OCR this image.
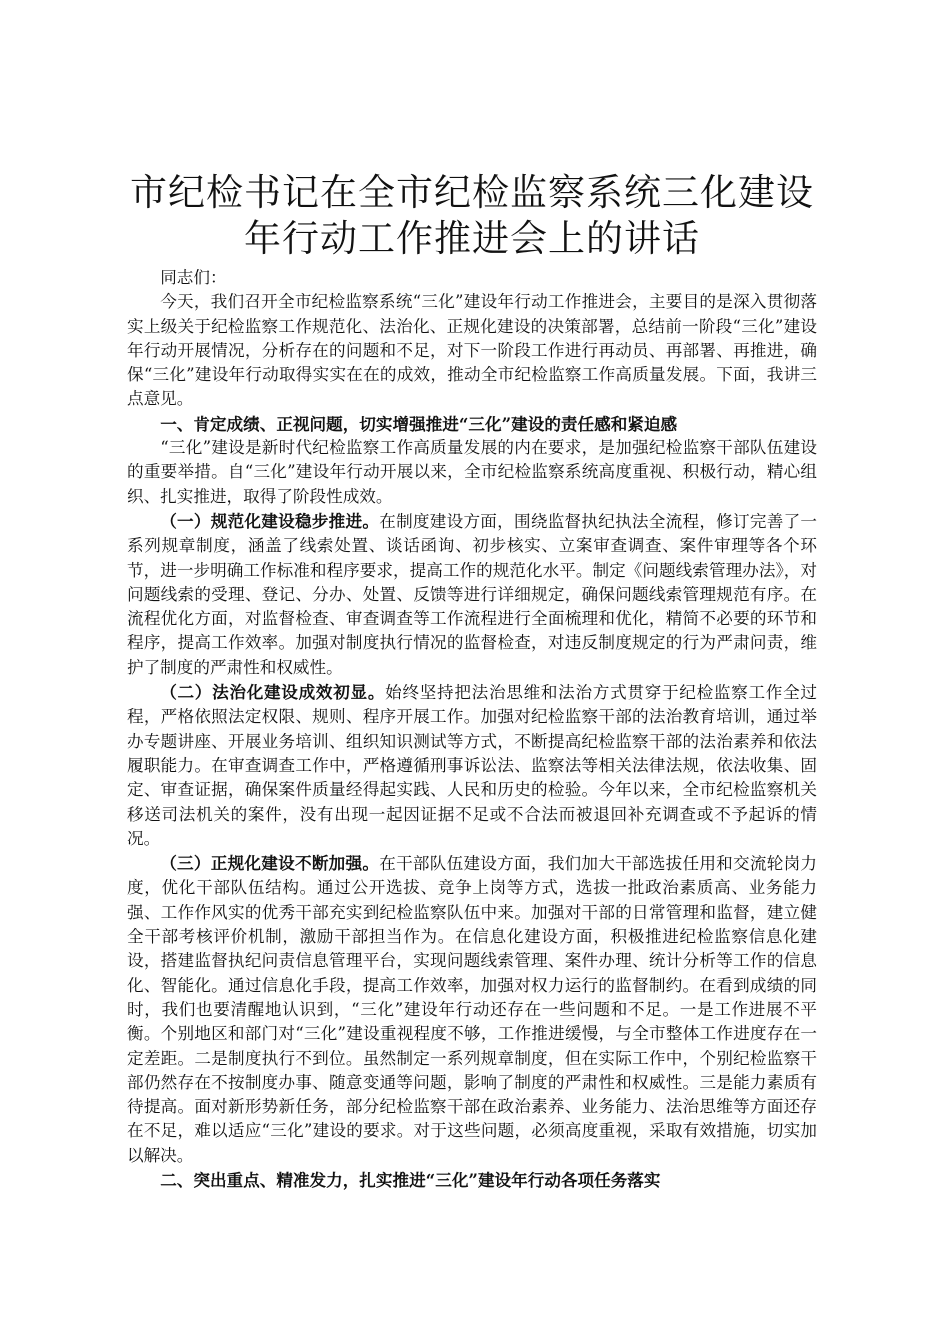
市纪检书记在全市纪检监察系统三化建设年行动工作推进会上的讲话

同志们：

今天，我们召开全市纪检监察系统“三化”建设年行动工作推进会，主要目的是深入贯彻落实上级关于纪检监察工作规范化、法治化、正规化建设的决策部署，总结前一阶段“三化”建设年行动开展情况，分析存在的问题和不足，对下一阶段工作进行再动员、再部署、再推进，确保“三化”建设年行动取得实实在在的成效，推动全市纪检监察工作高质量发展。下面，我讲三点意见。

一、肯定成绩、正视问题，切实增强推进“三化”建设的责任感和紧迫感

“三化”建设是新时代纪检监察工作高质量发展的内在要求，是加强纪检监察干部队伍建设的重要举措。自“三化”建设年行动开展以来，全市纪检监察系统高度重视、积极行动，精心组织、扎实推进，取得了阶段性成效。

（一）规范化建设稳步推进。在制度建设方面，围绕监督执纪执法全流程，修订完善了一系列规章制度，涵盖了线索处置、谈话函询、初步核实、立案审查调查、案件审理等各个环节，进一步明确工作标准和程序要求，提高工作的规范化水平。制定《问题线索管理办法》，对问题线索的受理、登记、分办、处置、反馈等进行详细规定，确保问题线索管理规范有序。在流程优化方面，对监督检查、审查调查等工作流程进行全面梳理和优化，精简不必要的环节和程序，提高工作效率。加强对制度执行情况的监督检查，对违反制度规定的行为严肃问责，维护了制度的严肃性和权威性。

（二）法治化建设成效初显。始终坚持把法治思维和法治方式贯穿于纪检监察工作全过程，严格依照法定权限、规则、程序开展工作。加强对纪检监察干部的法治教育培训，通过举办专题讲座、开展业务培训、组织知识测试等方式，不断提高纪检监察干部的法治素养和依法履职能力。在审查调查工作中，严格遵循刑事诉讼法、监察法等相关法律法规，依法收集、固定、审查证据，确保案件质量经得起实践、人民和历史的检验。今年以来，全市纪检监察机关移送司法机关的案件，没有出现一起因证据不足或不合法而被退回补充调查或不予起诉的情况。

（三）正规化建设不断加强。在干部队伍建设方面，我们加大干部选拔任用和交流轮岗力度，优化干部队伍结构。通过公开选拔、竞争上岗等方式，选拔一批政治素质高、业务能力强、工作作风实的优秀干部充实到纪检监察队伍中来。加强对干部的日常管理和监督，建立健全干部考核评价机制，激励干部担当作为。在信息化建设方面，积极推进纪检监察信息化建设，搭建监督执纪问责信息管理平台，实现问题线索管理、案件办理、统计分析等工作的信息化、智能化。通过信息化手段，提高工作效率，加强对权力运行的监督制约。在看到成绩的同时，我们也要清醒地认识到，“三化”建设年行动还存在一些问题和不足。一是工作进展不平衡。个别地区和部门对“三化”建设重视程度不够，工作推进缓慢，与全市整体工作进度存在一定差距。二是制度执行不到位。虽然制定一系列规章制度，但在实际工作中，个别纪检监察干部仍然存在不按制度办事、随意变通等问题，影响了制度的严肃性和权威性。三是能力素质有待提高。面对新形势新任务，部分纪检监察干部在政治素养、业务能力、法治思维等方面还存在不足，难以适应“三化”建设的要求。对于这些问题，必须高度重视，采取有效措施，切实加以解决。

二、突出重点、精准发力，扎实推进“三化”建设年行动各项任务落实
